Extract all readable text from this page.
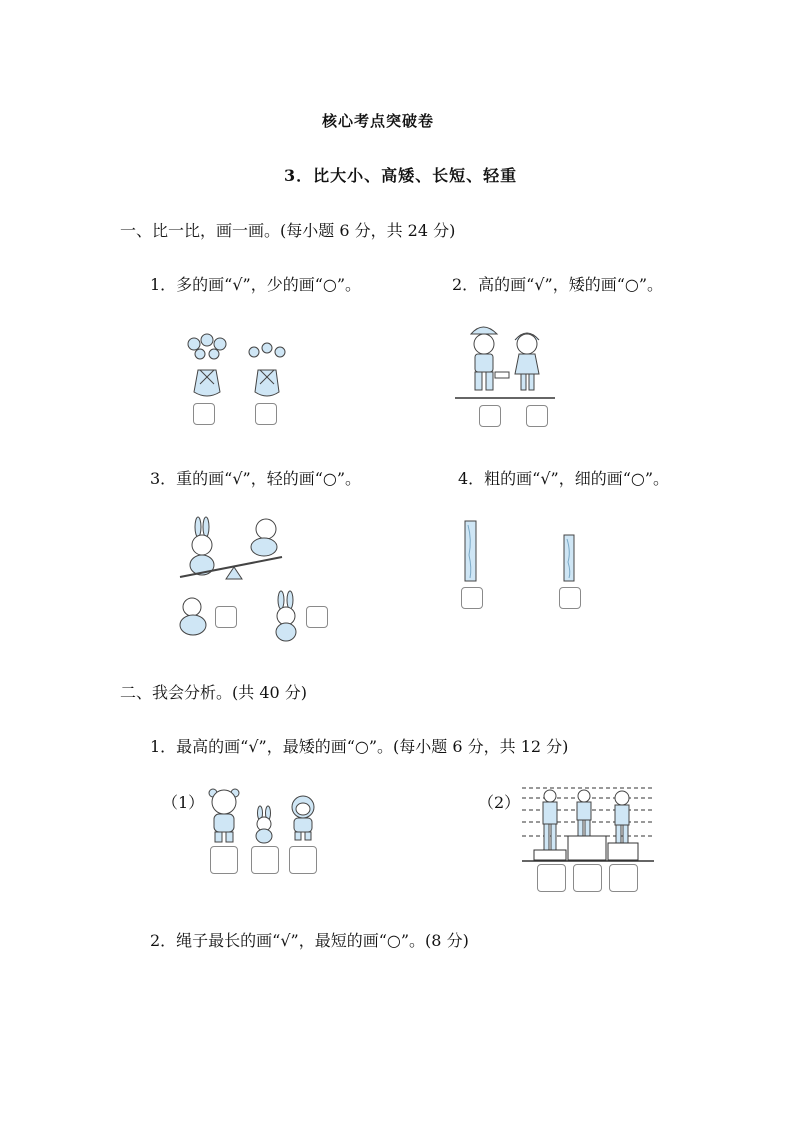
核心考点突破卷
3．比大小、高矮、长短、轻重
一、比一比，画一画。(每小题 6 分，共 24 分)
1．多的画“√”，少的画“○”。	2．高的画“√”，矮的画“○”。
3．重的画“√”，轻的画“○”。	4．粗的画“√”，细的画“○”。
二、我会分析。(共 40 分)
1．最高的画“√”，最矮的画“○”。(每小题 6 分，共 12 分)
（1）	（2）
2．绳子最长的画“√”，最短的画“○”。(8 分)
